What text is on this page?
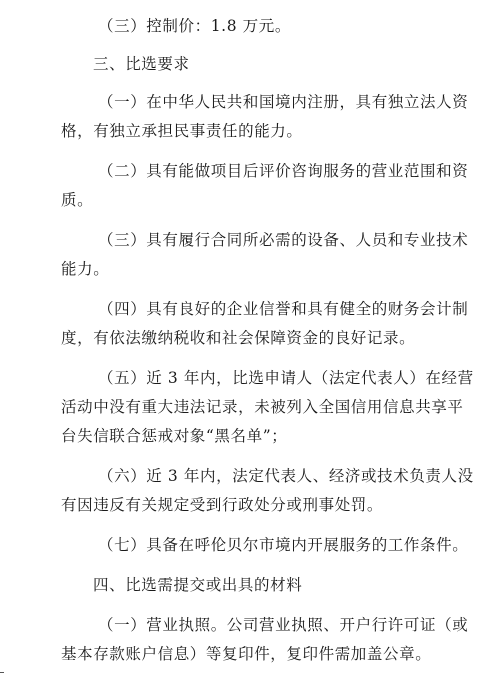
（三）控制价：1.8 万元。
三、比选要求
（一）在中华人民共和国境内注册，具有独立法人资
格，有独立承担民事责任的能力。
（二）具有能做项目后评价咨询服务的营业范围和资
质。
（三）具有履行合同所必需的设备、人员和专业技术
能力。
（四）具有良好的企业信誉和具有健全的财务会计制
度，有依法缴纳税收和社会保障资金的良好记录。
（五）近 3 年内，比选申请人（法定代表人）在经营
活动中没有重大违法记录，未被列入全国信用信息共享平
台失信联合惩戒对象“黑名单”；
（六）近 3 年内，法定代表人、经济或技术负责人没
有因违反有关规定受到行政处分或刑事处罚。
（七）具备在呼伦贝尔市境内开展服务的工作条件。
四、比选需提交或出具的材料
（一）营业执照。公司营业执照、开户行许可证（或
基本存款账户信息）等复印件，复印件需加盖公章。
